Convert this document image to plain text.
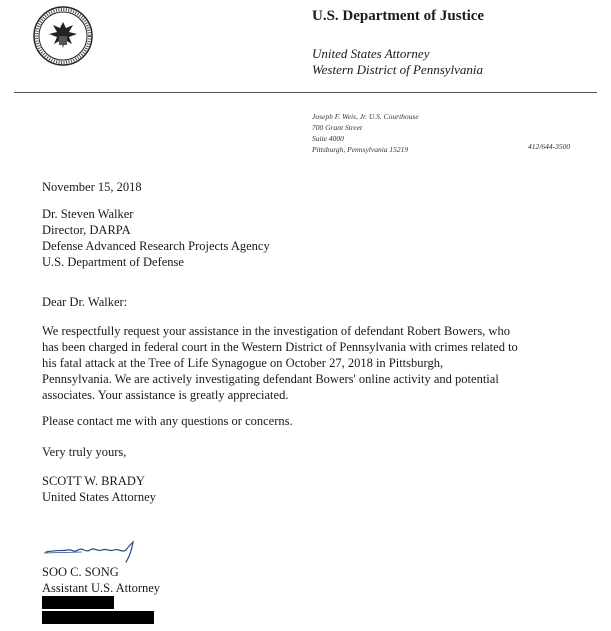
U.S. Department of Justice
United States Attorney
Western District of Pennsylvania
Joseph F. Weis, Jr. U.S. Courthouse
700 Grant Street
Suite 4000
Pittsburgh, Pennsylvania 15219	412/644-3500
November 15, 2018
Dr. Steven Walker
Director, DARPA
Defense Advanced Research Projects Agency
U.S. Department of Defense
Dear Dr. Walker:
We respectfully request your assistance in the investigation of defendant Robert Bowers, who
has been charged in federal court in the Western District of Pennsylvania with crimes related to
his fatal attack at the Tree of Life Synagogue on October 27, 2018 in Pittsburgh,
Pennsylvania. We are actively investigating defendant Bowers' online activity and potential
associates. Your assistance is greatly appreciated.
Please contact me with any questions or concerns.
Very truly yours,
SCOTT W. BRADY
United States Attorney
SOO C. SONG
Assistant U.S. Attorney
